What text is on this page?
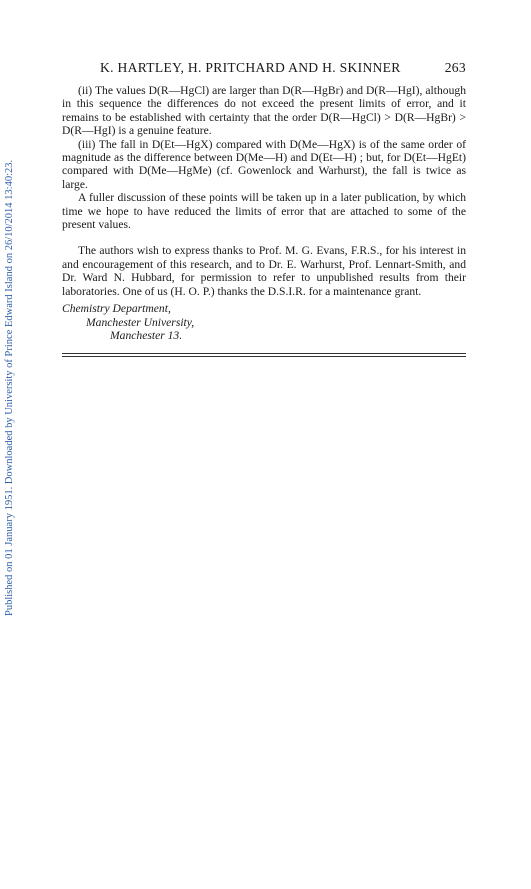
Published on 01 January 1951. Downloaded by University of Prince Edward Island on 26/10/2014 13:40:23.
K. HARTLEY, H. PRITCHARD AND H. SKINNER	263

(ii) The values D(R—HgCl) are larger than D(R—HgBr) and D(R—HgI), although in this sequence the differences do not exceed the present limits of error, and it remains to be established with certainty that the order D(R—HgCl) > D(R—HgBr) > D(R—HgI) is a genuine feature.

(iii) The fall in D(Et—HgX) compared with D(Me—HgX) is of the same order of magnitude as the difference between D(Me—H) and D(Et—H) ; but, for D(Et—HgEt) compared with D(Me—HgMe) (cf. Gowenlock and Warhurst), the fall is twice as large.

A fuller discussion of these points will be taken up in a later publication, by which time we hope to have reduced the limits of error that are attached to some of the present values.

The authors wish to express thanks to Prof. M. G. Evans, F.R.S., for his interest in and encouragement of this research, and to Dr. E. Warhurst, Prof. Lennart-Smith, and Dr. Ward N. Hubbard, for permission to refer to unpublished results from their laboratories. One of us (H. O. P.) thanks the D.S.I.R. for a maintenance grant.

Chemistry Department,
Manchester University,
Manchester 13.
